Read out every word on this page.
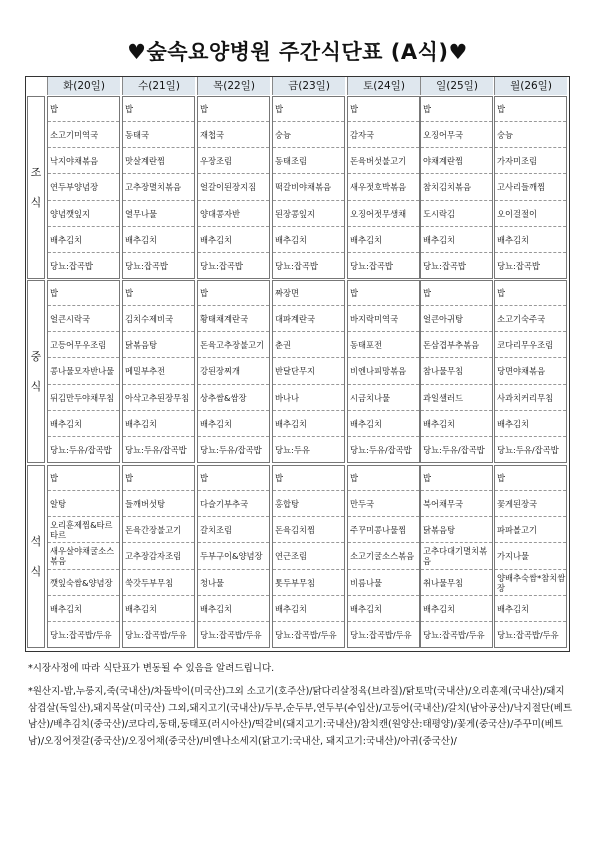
♥숲속요양병원 주간식단표 (A식)♥
화(20일)	수(21일)	목(22일)	금(23일)	토(24일)	일(25일)	월(26일)
조
식
밥	밥	밥	밥	밥	밥	밥
소고기미역국	동태국	재첩국	숭늉	감자국	오징어무국	숭늉
낙지야채볶음	맛살계란찜	우장조림	동태조림	돈육버섯불고기	야채계란찜	가자미조림
연두부양념장	고추장멸치볶음	얼갈이된장지짐	떡갈비야채볶음	새우젓호박볶음	참치김치볶음	고사리들깨찜
양념깻잎지	열무나물	양대콩자반	된장콩잎지	오징어젓무생채	도시락김	오이걸절이
배추김치	배추김치	배추김치	배추김치	배추김치	배추김치	배추김치
당뇨:잡곡밥	당뇨:잡곡밥	당뇨:잡곡밥	당뇨:잡곡밥	당뇨:잡곡밥	당뇨:잡곡밥	당뇨:잡곡밥
중
식
밥	밥	밥	짜장면	밥	밥	밥
얼큰시락국	김치수제비국	황태채계란국	대파계란국	바지락미역국	얼큰아귀탕	소고기숙주국
고등어무우조림	닭볶음탕	돈육고추장불고기	춘권	동태포전	돈삼겹부추볶음	코다리무우조림
콩나물모자반나물	메밀부추전	강된장찌개	반달단무지	비엔나피망볶음	참나물무침	당면야채볶음
뒤김만두야채무침	아삭고추된장무침	상추쌈&쌈장	바나나	시금치나물	과일샐러드	사과치커리무침
배추김치	배추김치	배추김치	배추김치	배추김치	배추김치	배추김치
당뇨:두유/잡곡밥	당뇨:두유/잡곡밥	당뇨:두유/잡곡밥	당뇨:두유	당뇨:두유/잡곡밥	당뇨:두유/잡곡밥	당뇨:두유/잡곡밥
석
식
밥	밥	밥	밥	밥	밥	밥
알탕	들깨버섯탕	다슬기부추국	홍합탕	만두국	북어채무국	꽃게된장국
오리훈제찜&타르타르	돈육간장불고기	갈치조림	돈육김치찜	주꾸미콩나물찜	닭볶음탕	파파볼고기
새우살야채굴소스볶음	고추장감자조림	두부구이&양념장	연근조림	소고기굴소스볶음	고추다대기멸치볶음	가지나물
깻잎숙쌈&양념장	쑥갓두부무침	청나물	톳두부무침	비름나물	취나물무침	양배추숙쌈*참치쌈장
배추김치	배추김치	배추김치	배추김치	배추김치	배추김치	배추김치
당뇨:잡곡밥/두유	당뇨:잡곡밥/두유	당뇨:잡곡밥/두유	당뇨:잡곡밥/두유	당뇨:잡곡밥/두유	당뇨:잡곡밥/두유	당뇨:잡곡밥/두유
*시장사정에 따라 식단표가 변동될 수 있음을 알려드립니다.
*원산지-밥,누룽지,죽(국내산)/차돌박이(미국산)그외 소고기(호주산)/닭다리살정육(브라질)/닭토막(국내산)/오리훈제(국내산)/돼지삼겹살(독일산),돼지목살(미국산) 그외,돼지고기(국내산)/두부,순두부,연두부(수입산)/고등어(국내산)/갈치(남아공산)/낙지절단(베트남산)/배추김치(중국산)/코다리,동태,동태포(러시아산)/떡갈비(돼지고기:국내산)/참치캔(원양산:태평양)/꽃게(중국산)/주꾸미(베트남)/오징어젓갈(중국산)/오징어채(중국산)/비엔나소세지(닭고기:국내산, 돼지고기:국내산)/아귀(중국산)/
